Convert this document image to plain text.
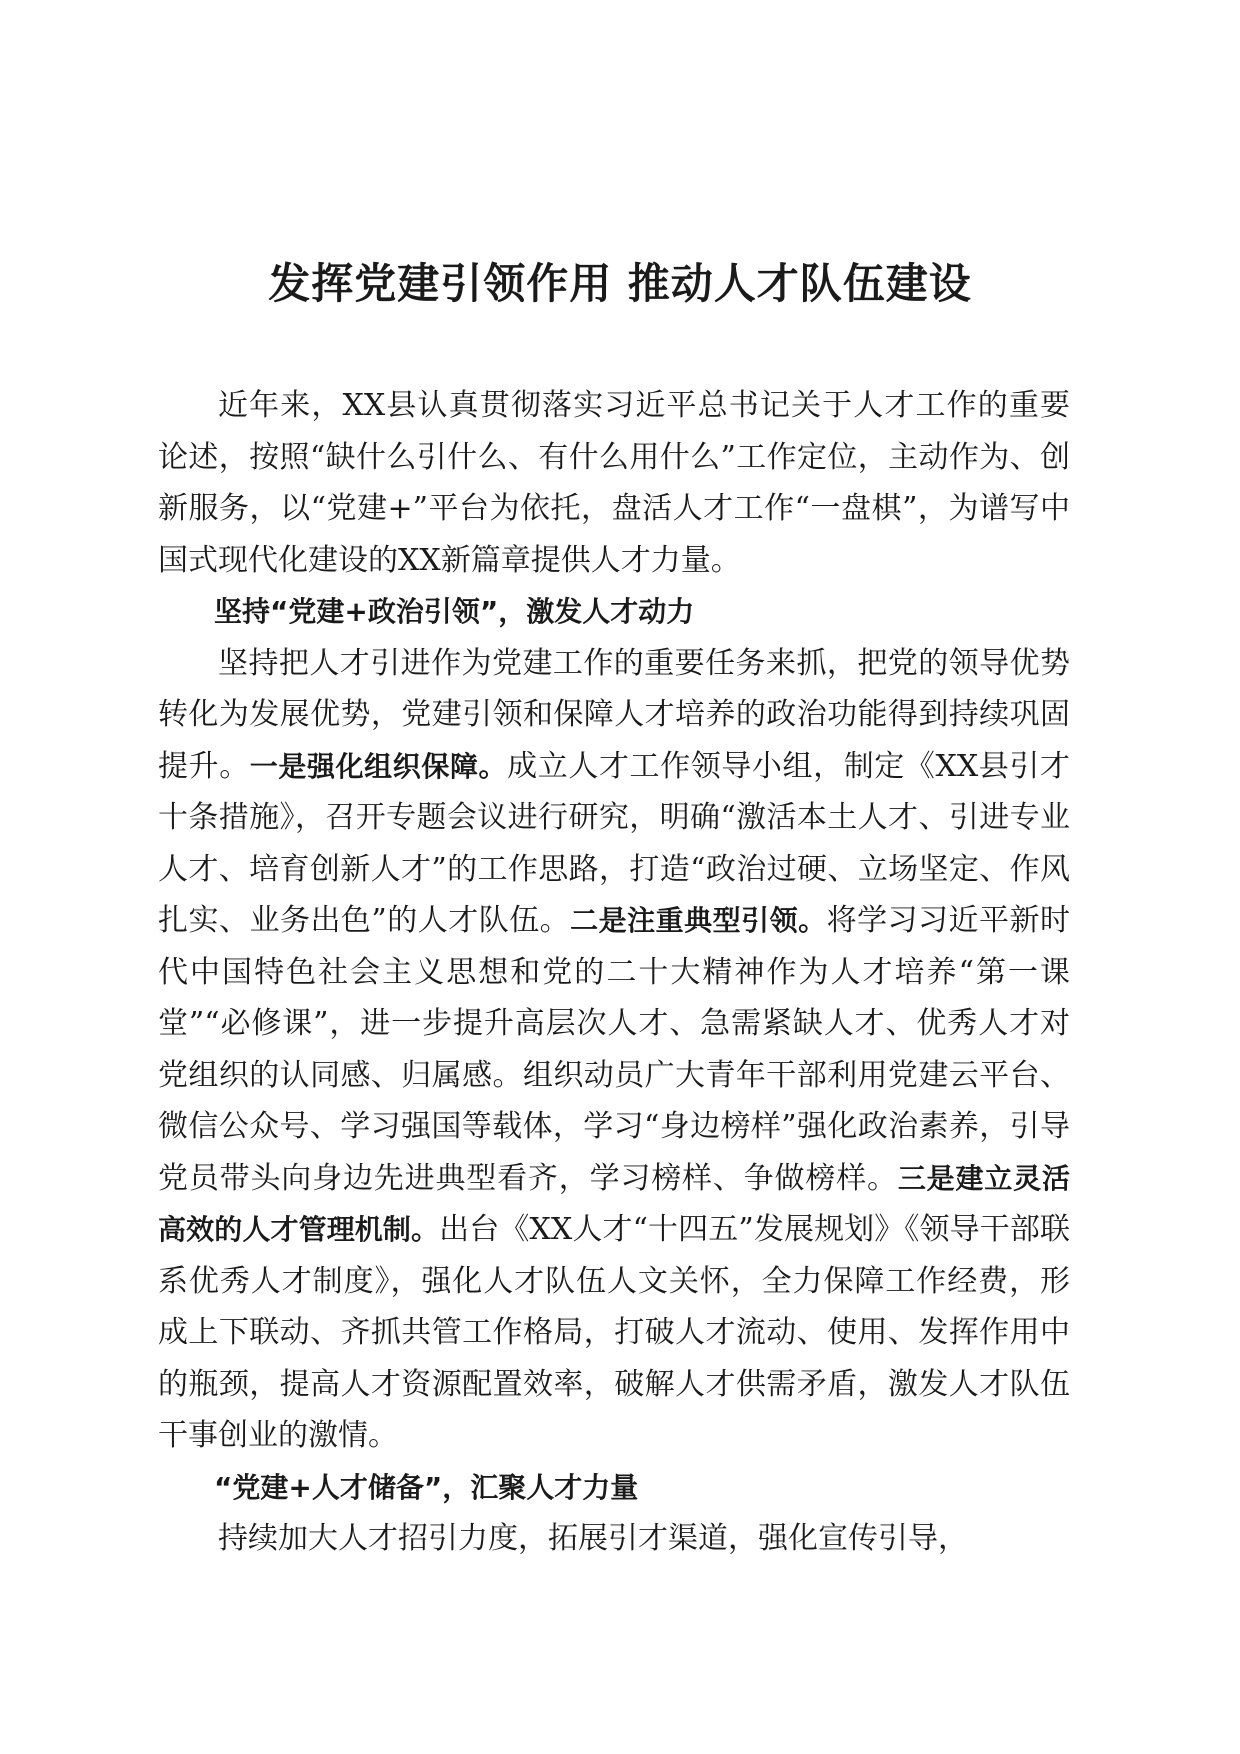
发挥党建引领作用 推动人才队伍建设

近年来，XX县认真贯彻落实习近平总书记关于人才工作的重要论述，按照“缺什么引什么、有什么用什么”工作定位，主动作为、创新服务，以“党建+”平台为依托，盘活人才工作“一盘棋”，为谱写中国式现代化建设的XX新篇章提供人才力量。

坚持“党建+政治引领”，激发人才动力

坚持把人才引进作为党建工作的重要任务来抓，把党的领导优势转化为发展优势，党建引领和保障人才培养的政治功能得到持续巩固提升。一是强化组织保障。成立人才工作领导小组，制定《XX县引才十条措施》，召开专题会议进行研究，明确“激活本土人才、引进专业人才、培育创新人才”的工作思路，打造“政治过硬、立场坚定、作风扎实、业务出色”的人才队伍。二是注重典型引领。将学习习近平新时代中国特色社会主义思想和党的二十大精神作为人才培养“第一课堂”“必修课”，进一步提升高层次人才、急需紧缺人才、优秀人才对党组织的认同感、归属感。组织动员广大青年干部利用党建云平台、微信公众号、学习强国等载体，学习“身边榜样”强化政治素养，引导党员带头向身边先进典型看齐，学习榜样、争做榜样。三是建立灵活高效的人才管理机制。出台《XX人才“十四五”发展规划》《领导干部联系优秀人才制度》，强化人才队伍人文关怀，全力保障工作经费，形成上下联动、齐抓共管工作格局，打破人才流动、使用、发挥作用中的瓶颈，提高人才资源配置效率，破解人才供需矛盾，激发人才队伍干事创业的激情。

“党建+人才储备”，汇聚人才力量

持续加大人才招引力度，拓展引才渠道，强化宣传引导，
